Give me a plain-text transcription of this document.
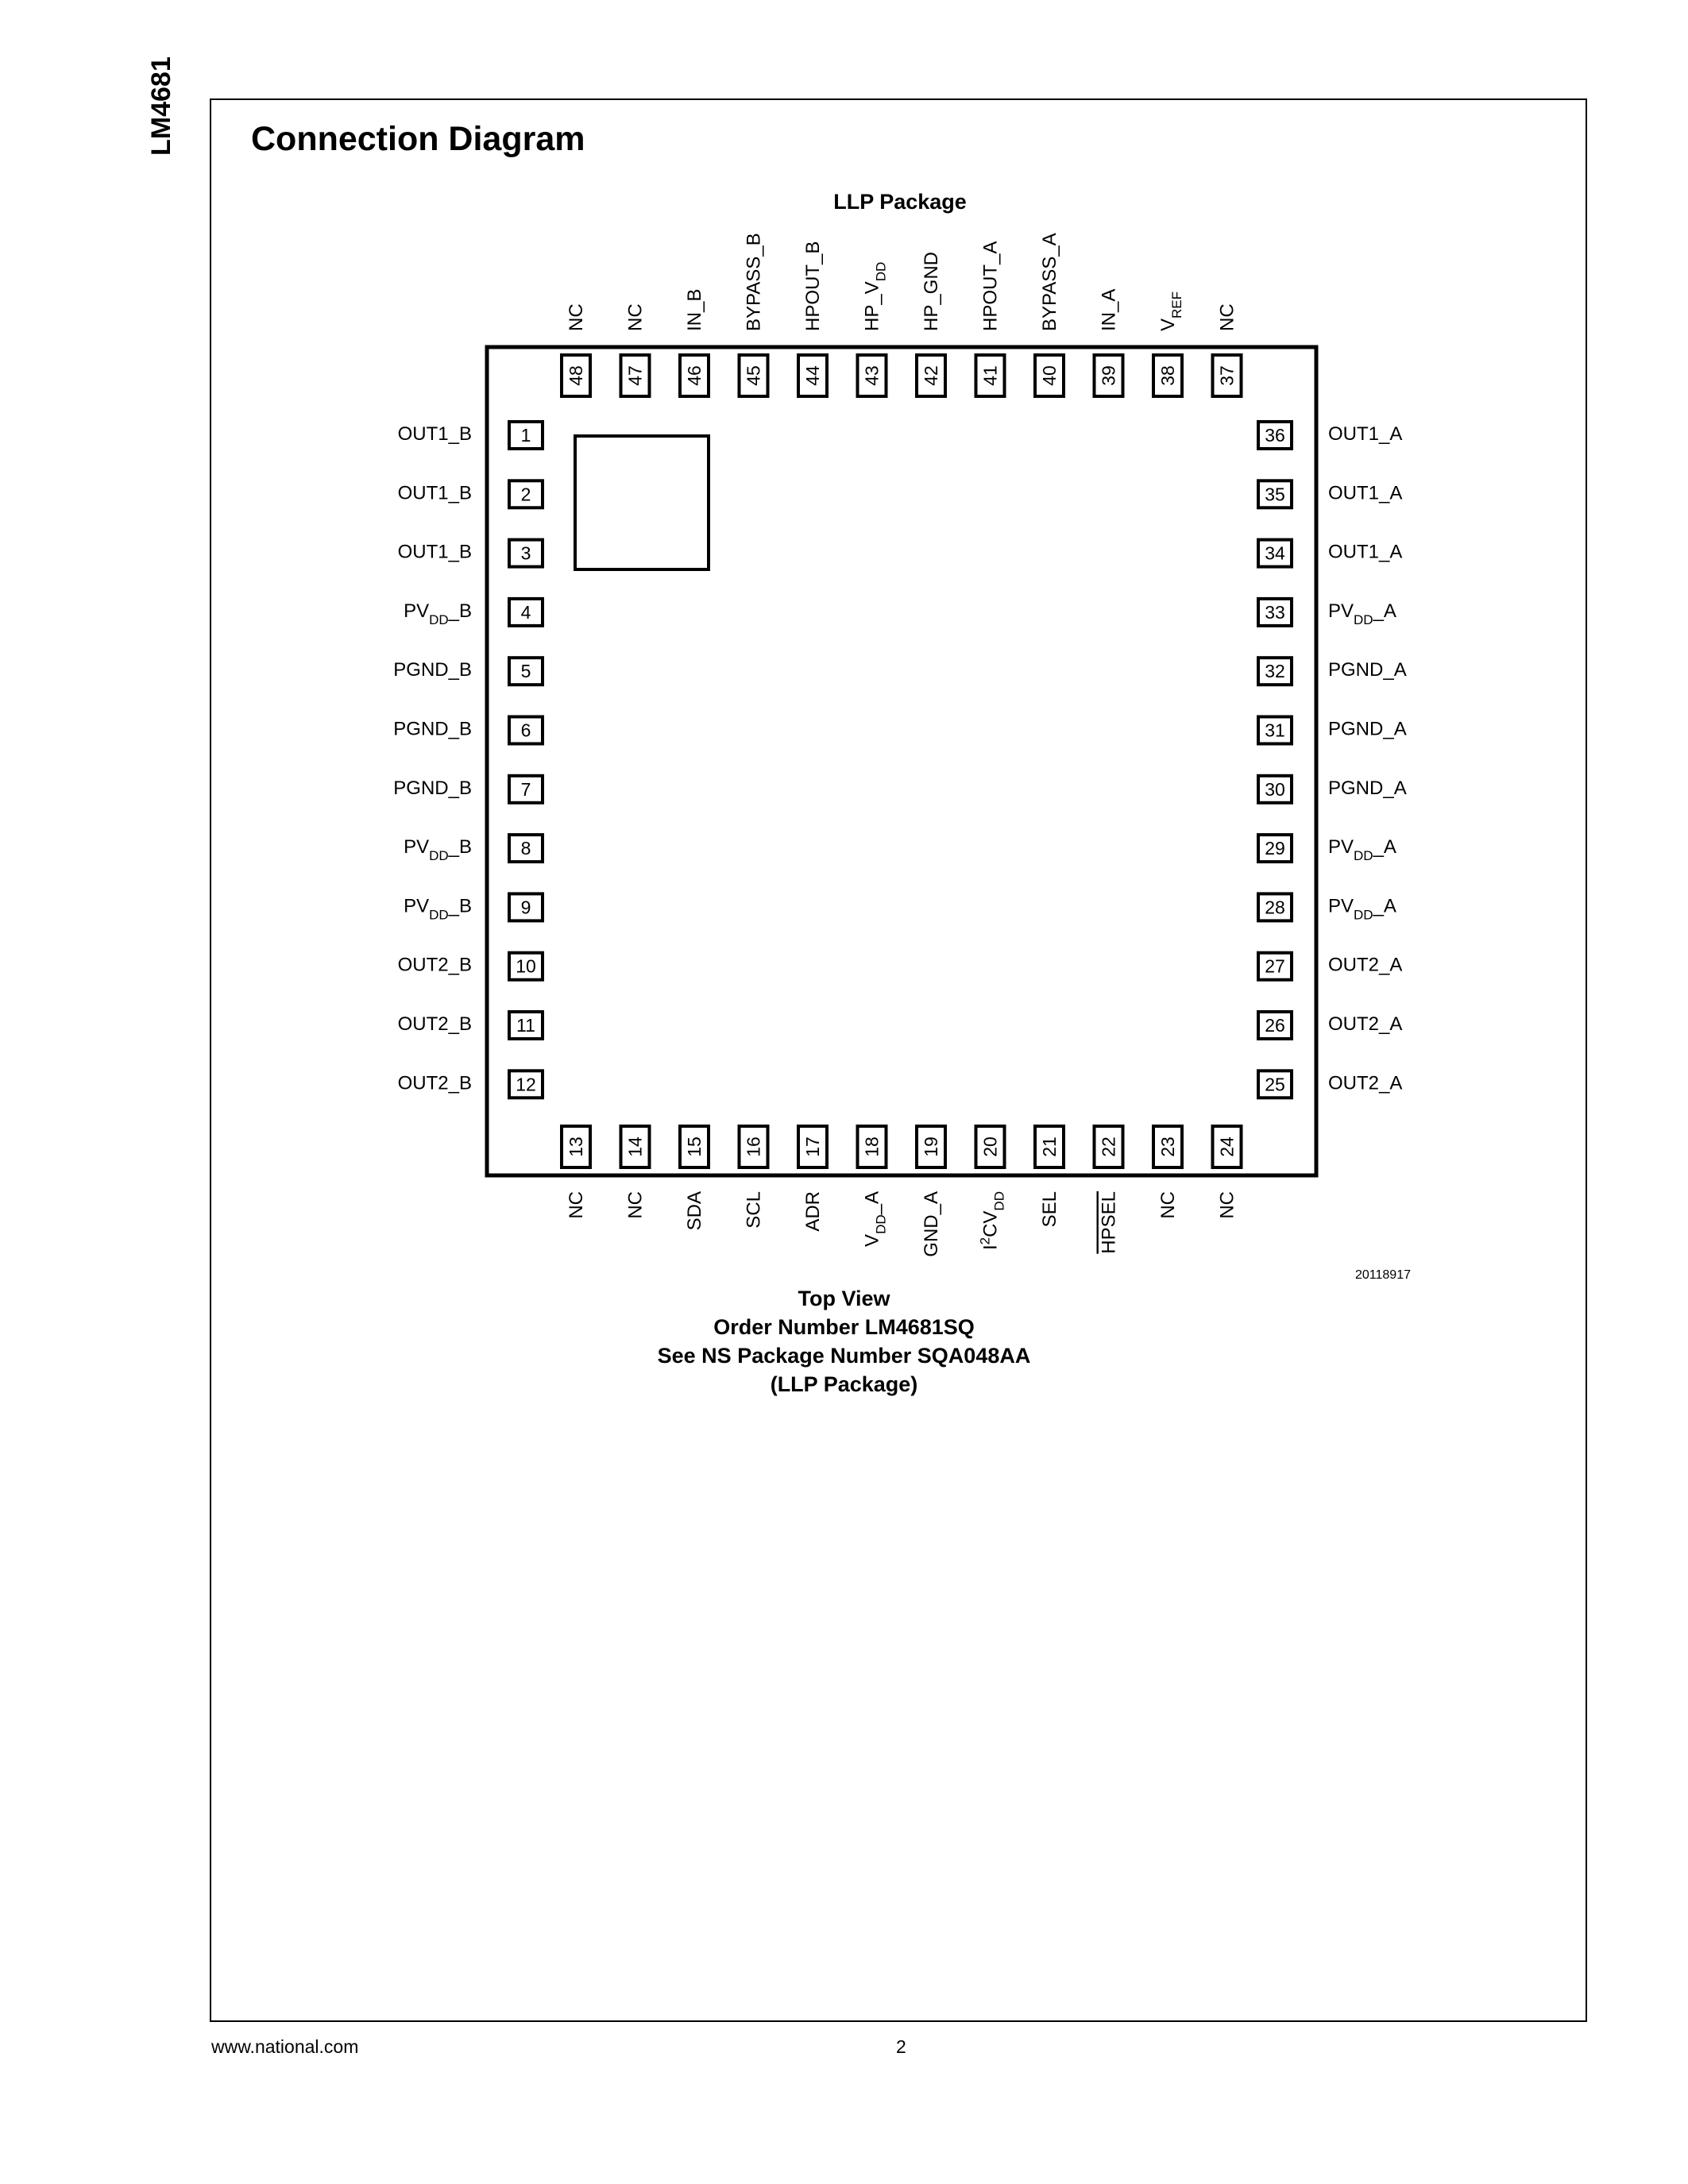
LM4681 Connection Diagram
LLP Package
1
OUT1_B
2
OUT1_B
3
OUT1_B
4
$PV_{DD}\_B$
5
PGND_B
6
PGND_B
7
PGND_B
8
$PV_{DD}\_B$
9
$PV_{DD}\_B$
10
OUT2_B
11
OUT2_B
12
OUT2_B	25 OUT2_A
26 OUT2_A
27 OUT2_A
28 $PV_{DD}\_A$
29 $PV_{DD}\_A$
30 PGND_A
31 PGND_A
32 PGND_A
33 $PV_{DD}\_A$
34 OUT1_A
35 OUT1_A
36 OUT1_A
37
NC
38
$V_{REF}$
39
IN_A
40
BYPASS_A
41
HPOUT_A
42
HP_GND
43
$HP\_V_{DD}$
44
HPOUT_B
45
BYPASS_B
46
IN_B
47
NC
48
NC
13
NC
14
NC
15
SDA
16
SCL
17
ADR
18
$V_{DD}\_A$
19
GND_A
20
$I^2CV_{DD}$
21
SEL
22
HPSEL
23
NC
24
NC
20118917
Top View
Order Number LM4681SQ
See NS Package Number SQA048AA
(LLP Package)
www.national.com	2
